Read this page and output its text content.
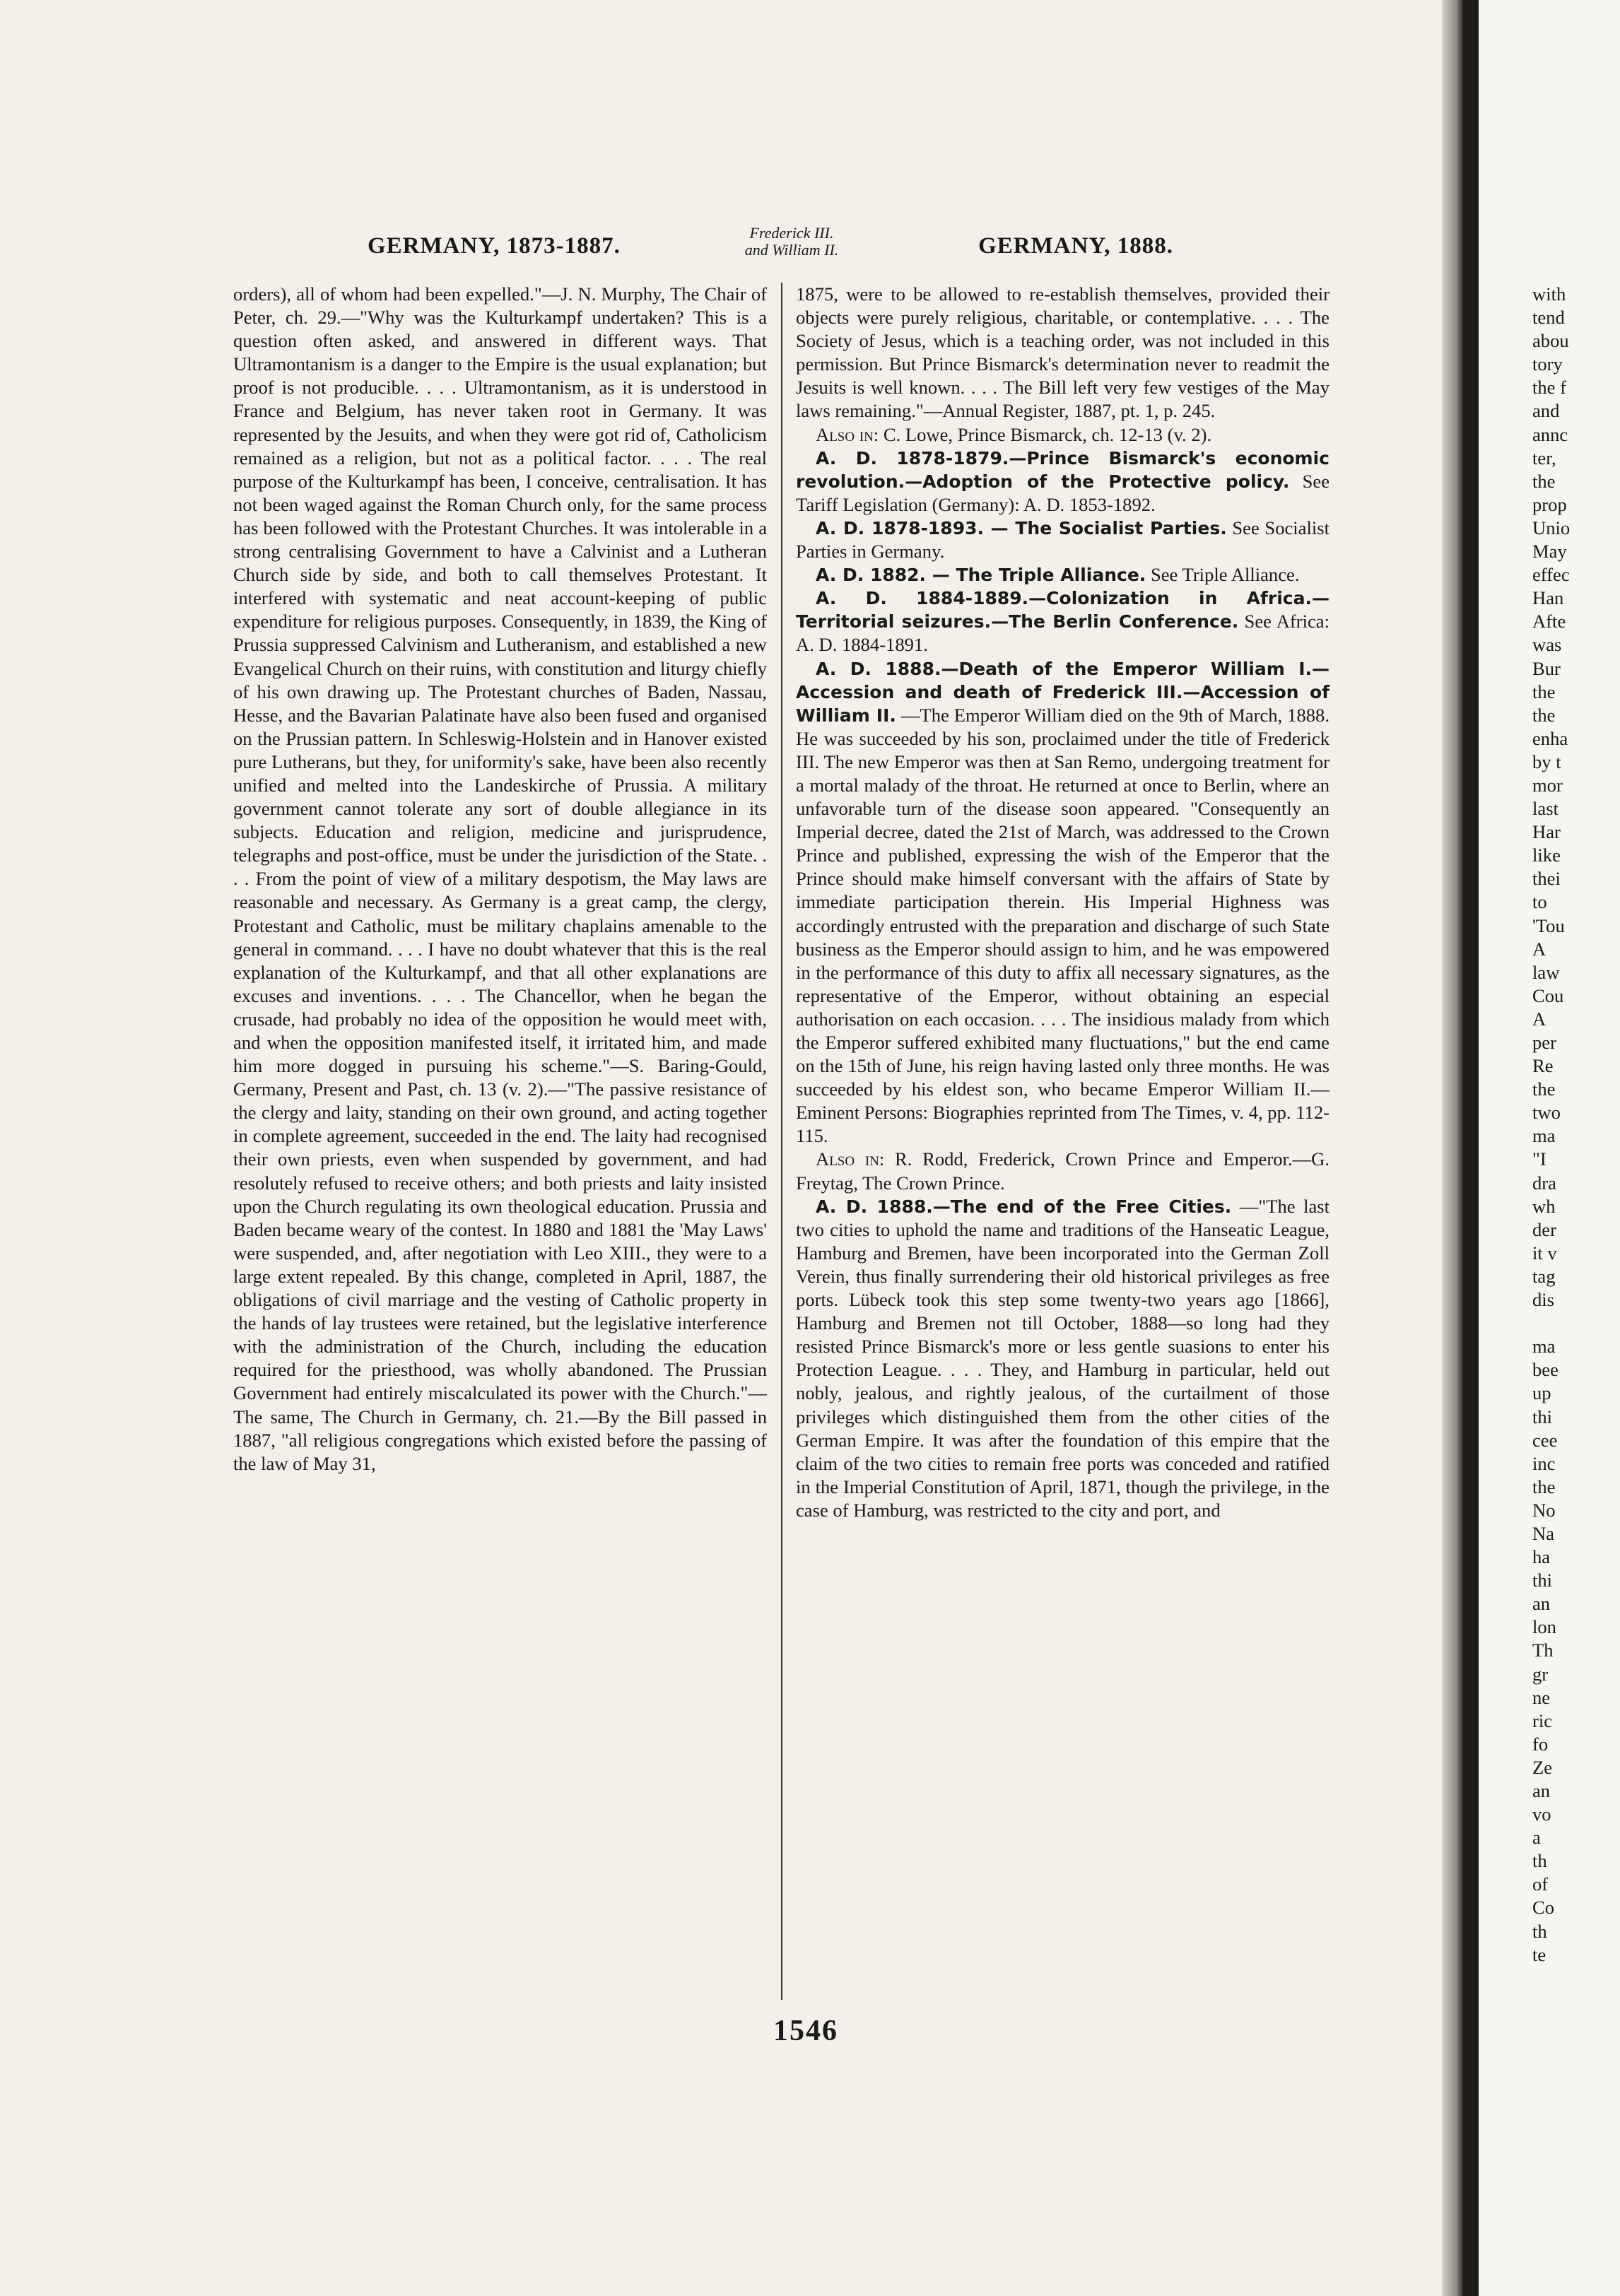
GERMANY, 1873-1887.
Frederick III.
and William II.	GERMANY, 1888.

orders), all of whom had been expelled."—J. N. Murphy, The Chair of Peter, ch. 29.—"Why was the Kulturkampf undertaken? This is a question often asked, and answered in different ways. That Ultramontanism is a danger to the Empire is the usual explanation; but proof is not producible. . . . Ultramontanism, as it is understood in France and Belgium, has never taken root in Germany. It was represented by the Jesuits, and when they were got rid of, Catholicism remained as a religion, but not as a political factor. . . . The real purpose of the Kulturkampf has been, I conceive, centralisation. It has not been waged against the Roman Church only, for the same process has been followed with the Protestant Churches. It was intolerable in a strong centralising Government to have a Calvinist and a Lutheran Church side by side, and both to call themselves Protestant. It interfered with systematic and neat account-keeping of public expenditure for religious purposes. Consequently, in 1839, the King of Prussia suppressed Calvinism and Lutheranism, and established a new Evangelical Church on their ruins, with constitution and liturgy chiefly of his own drawing up. The Protestant churches of Baden, Nassau, Hesse, and the Bavarian Palatinate have also been fused and organised on the Prussian pattern. In Schleswig-Holstein and in Hanover existed pure Lutherans, but they, for uniformity's sake, have been also recently unified and melted into the Landeskirche of Prussia. A military government cannot tolerate any sort of double allegiance in its subjects. Education and religion, medicine and jurisprudence, telegraphs and post-office, must be under the jurisdiction of the State. . . . From the point of view of a military despotism, the May laws are reasonable and necessary. As Germany is a great camp, the clergy, Protestant and Catholic, must be military chaplains amenable to the general in command. . . . I have no doubt whatever that this is the real explanation of the Kulturkampf, and that all other explanations are excuses and inventions. . . . The Chancellor, when he began the crusade, had probably no idea of the opposition he would meet with, and when the opposition manifested itself, it irritated him, and made him more dogged in pursuing his scheme."—S. Baring-Gould, Germany, Present and Past, ch. 13 (v. 2).—"The passive resistance of the clergy and laity, standing on their own ground, and acting together in complete agreement, succeeded in the end. The laity had recognised their own priests, even when suspended by government, and had resolutely refused to receive others; and both priests and laity insisted upon the Church regulating its own theological education. Prussia and Baden became weary of the contest. In 1880 and 1881 the 'May Laws' were suspended, and, after negotiation with Leo XIII., they were to a large extent repealed. By this change, completed in April, 1887, the obligations of civil marriage and the vesting of Catholic property in the hands of lay trustees were retained, but the legislative interference with the administration of the Church, including the education required for the priesthood, was wholly abandoned. The Prussian Government had entirely miscalculated its power with the Church."—The same, The Church in Germany, ch. 21.—By the Bill passed in 1887, "all religious congregations which existed before the passing of the law of May 31,

1875, were to be allowed to re-establish themselves, provided their objects were purely religious, charitable, or contemplative. . . . The Society of Jesus, which is a teaching order, was not included in this permission. But Prince Bismarck's determination never to readmit the Jesuits is well known. . . . The Bill left very few vestiges of the May laws remaining."—Annual Register, 1887, pt. 1, p. 245.

Also in: C. Lowe, Prince Bismarck, ch. 12-13 (v. 2).

A. D. 1878-1879.—Prince Bismarck's economic revolution.—Adoption of the Protective policy. See Tariff Legislation (Germany): A. D. 1853-1892.

A. D. 1878-1893. — The Socialist Parties. See Socialist Parties in Germany.

A. D. 1882. — The Triple Alliance. See Triple Alliance.

A. D. 1884-1889.—Colonization in Africa.—Territorial seizures.—The Berlin Conference. See Africa: A. D. 1884-1891.

A. D. 1888.—Death of the Emperor William I.—Accession and death of Frederick III.—Accession of William II. —The Emperor William died on the 9th of March, 1888. He was succeeded by his son, proclaimed under the title of Frederick III. The new Emperor was then at San Remo, undergoing treatment for a mortal malady of the throat. He returned at once to Berlin, where an unfavorable turn of the disease soon appeared. "Consequently an Imperial decree, dated the 21st of March, was addressed to the Crown Prince and published, expressing the wish of the Emperor that the Prince should make himself conversant with the affairs of State by immediate participation therein. His Imperial Highness was accordingly entrusted with the preparation and discharge of such State business as the Emperor should assign to him, and he was empowered in the performance of this duty to affix all necessary signatures, as the representative of the Emperor, without obtaining an especial authorisation on each occasion. . . . The insidious malady from which the Emperor suffered exhibited many fluctuations," but the end came on the 15th of June, his reign having lasted only three months. He was succeeded by his eldest son, who became Emperor William II.—Eminent Persons: Biographies reprinted from The Times, v. 4, pp. 112-115.

Also in: R. Rodd, Frederick, Crown Prince and Emperor.—G. Freytag, The Crown Prince.

A. D. 1888.—The end of the Free Cities. —"The last two cities to uphold the name and traditions of the Hanseatic League, Hamburg and Bremen, have been incorporated into the German Zoll Verein, thus finally surrendering their old historical privileges as free ports. Lübeck took this step some twenty-two years ago [1866], Hamburg and Bremen not till October, 1888—so long had they resisted Prince Bismarck's more or less gentle suasions to enter his Protection League. . . . They, and Hamburg in particular, held out nobly, jealous, and rightly jealous, of the curtailment of those privileges which distinguished them from the other cities of the German Empire. It was after the foundation of this empire that the claim of the two cities to remain free ports was conceded and ratified in the Imperial Constitution of April, 1871, though the privilege, in the case of Hamburg, was restricted to the city and port, and

with
tend
abou
tory
the f
and
annc
ter,
the
prop
Unio
May
effec
Han
Afte
was
Bur
the
the
enha
by t
mor
last
Har
like
thei
to
'Tou
A
law
Cou
A
per
Re
the
two
ma
"I
dra
wh
der
it v
tag
dis
ma
bee
up
thi
cee
inc
the
No
Na
ha
thi
an
lon
Th
gr
ne
ric
fo
Ze
an
vo
a
th
of
Co
th
te
1546
